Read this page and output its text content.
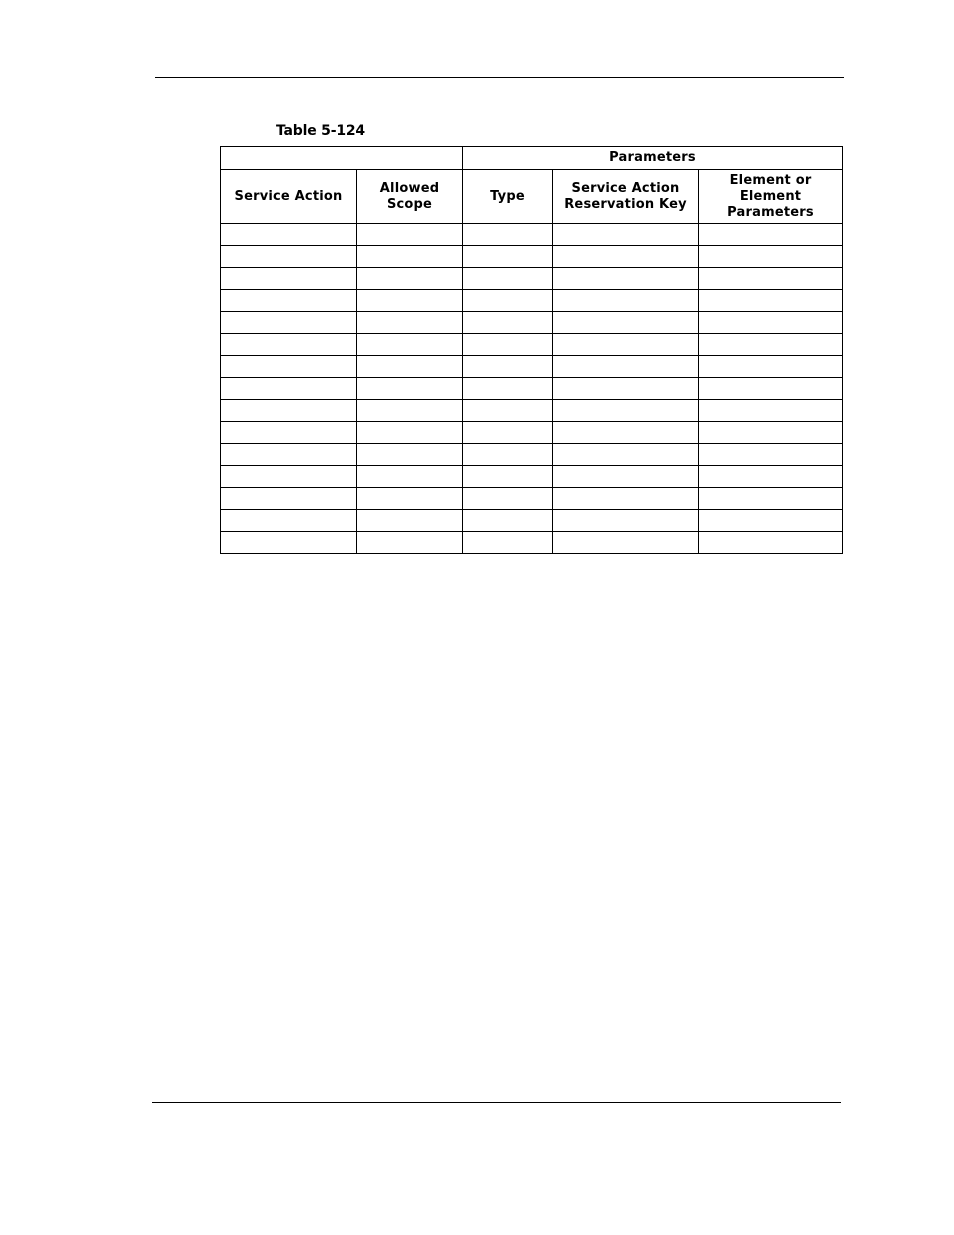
Table 5-124
		Parameters		
Service Action	Allowed Scope	Type	Service Action Reservation Key	Element or Element Parameters
